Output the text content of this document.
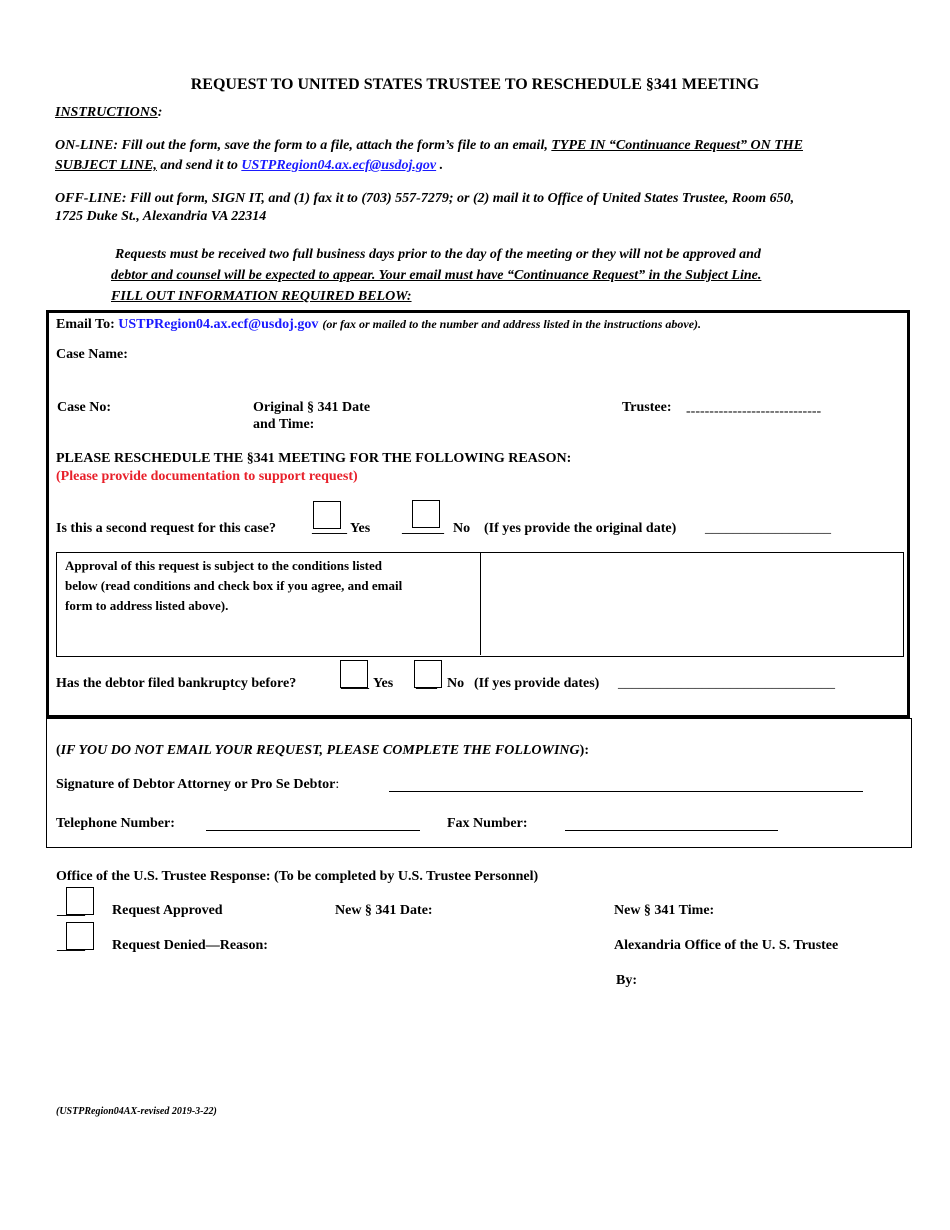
REQUEST TO UNITED STATES TRUSTEE TO RESCHEDULE §341 MEETING
INSTRUCTIONS:
ON-LINE: Fill out the form, save the form to a file, attach the form’s file to an email, TYPE IN “Continuance Request” ON THE
SUBJECT LINE, and send it to USTPRegion04.ax.ecf@usdoj.gov .
OFF-LINE: Fill out form, SIGN IT, and (1) fax it to (703) 557-7279; or (2) mail it to Office of United States Trustee, Room 650,
1725 Duke St., Alexandria VA 22314
Requests must be received two full business days prior to the day of the meeting or they will not be approved and
debtor and counsel will be expected to appear. Your email must have “Continuance Request” in the Subject Line.
FILL OUT INFORMATION REQUIRED BELOW:
Email To: USTPRegion04.ax.ecf@usdoj.gov (or fax or mailed to the number and address listed in the instructions above).
Case Name:
Case No:	Original § 341 Date
and Time:
Trustee: -----------------------------
PLEASE RESCHEDULE THE §341 MEETING FOR THE FOLLOWING REASON:
(Please provide documentation to support request)
Is this a second request for this case?	_____ Yes ______ No (If yes provide the original date) __________________
Approval of this request is subject to the conditions listed
below (read conditions and check box if you agree, and email
form to address listed above).
Has the debtor filed bankruptcy before?	____ Yes ___ No (If yes provide dates) _______________________________
(IF YOU DO NOT EMAIL YOUR REQUEST, PLEASE COMPLETE THE FOLLOWING):
Signature of Debtor Attorney or Pro Se Debtor:
Telephone Number:	Fax Number:
Office of the U.S. Trustee Response: (To be completed by U.S. Trustee Personnel)
____ Request Approved	New § 341 Date:	New § 341 Time:
____ Request Denied—Reason:	Alexandria Office of the U. S. Trustee
By:
(USTPRegion04AX-revised 2019-3-22)
